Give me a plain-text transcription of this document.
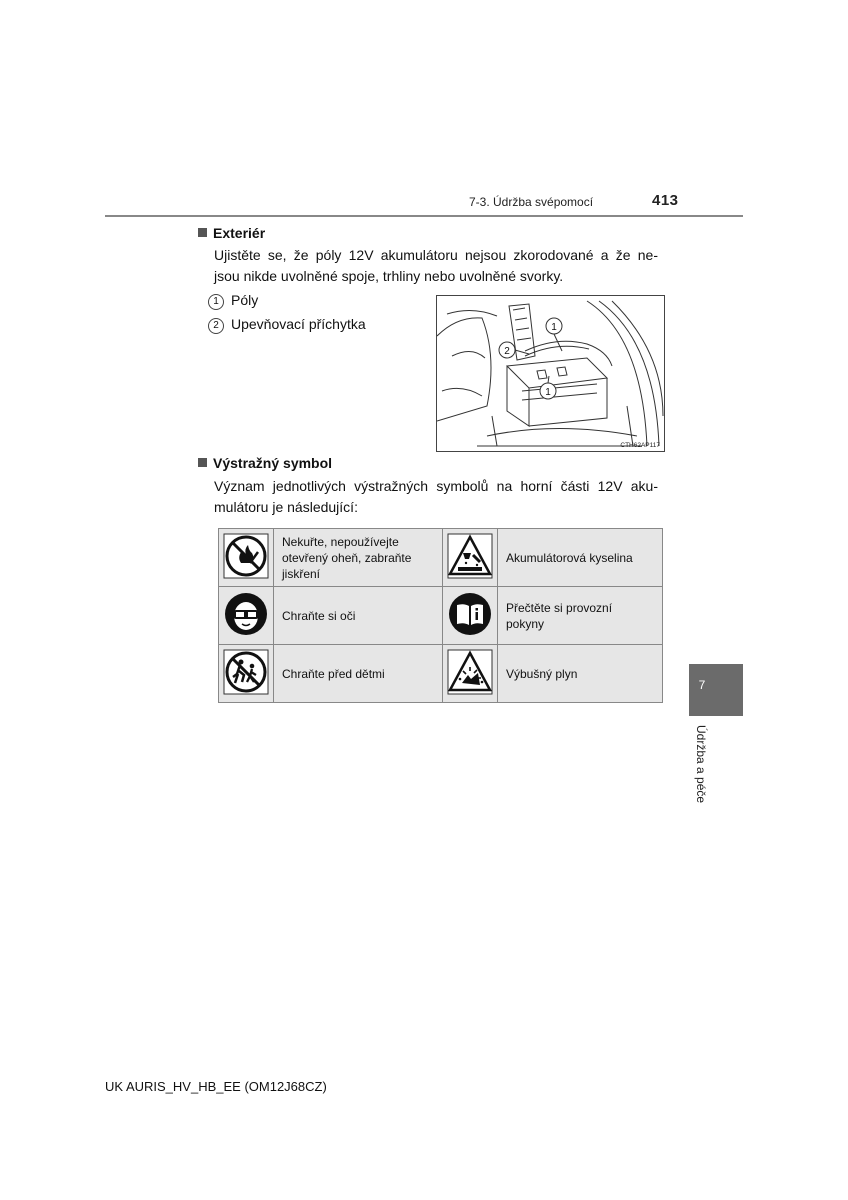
7-3. Údržba svépomocí	413
Exteriér
Ujistěte se, že póly 12V akumulátoru nejsou zkorodované a že ne-
jsou nikde uvolněné spoje, trhliny nebo uvolněné svorky.
1 Póly
2 Upevňovací příchytka	1
2
1
CTH62AP117
Výstražný symbol
Význam jednotlivých výstražných symbolů na horní části 12V aku-
mulátoru je následující:

Nekuřte, nepoužívejte
otevřený oheň, zabraňte
jiskření		Akumulátorová kyselina

Chraňte si oči		Přečtěte si provozní
pokyny

Chraňte před dětmi		Výbušný plyn
7
Údržba a péče
UK AURIS_HV_HB_EE (OM12J68CZ)
